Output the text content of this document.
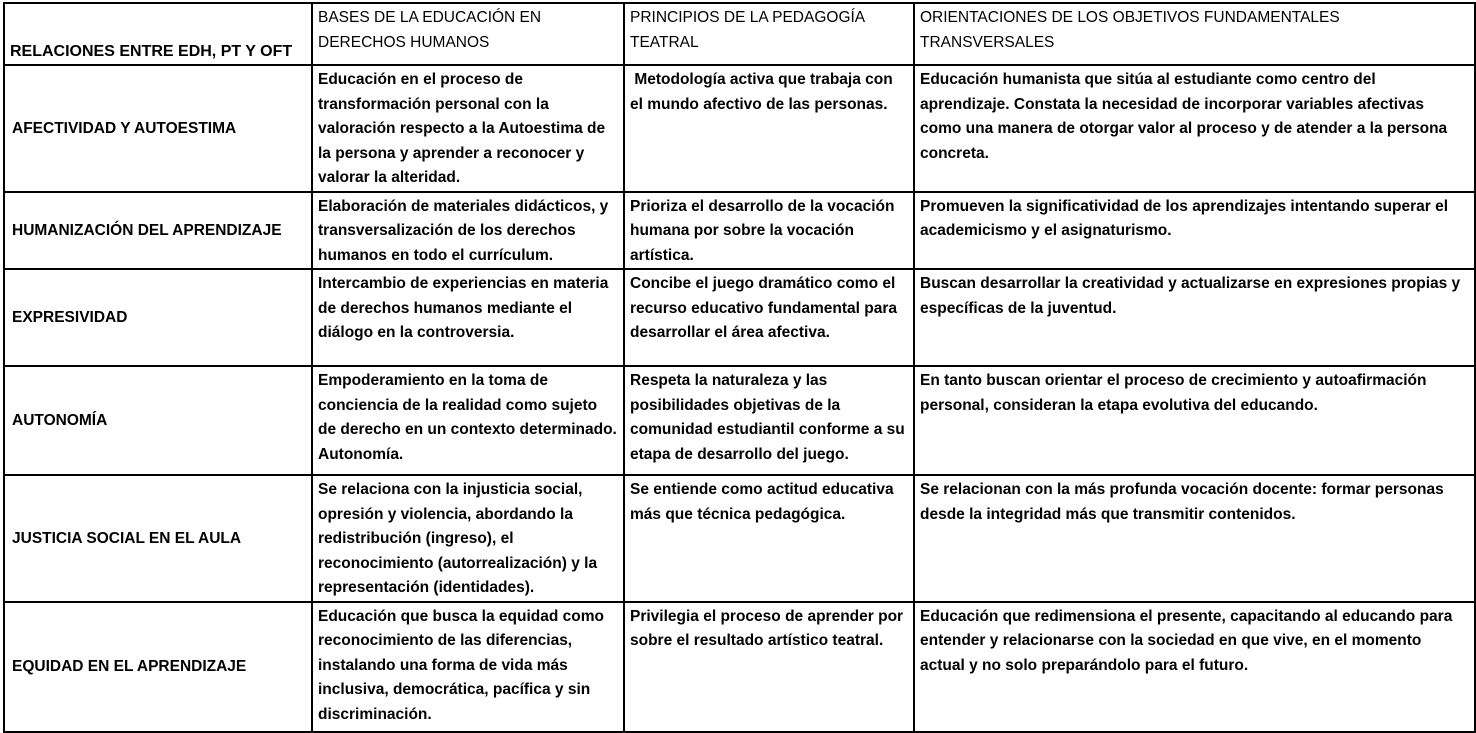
RELACIONES ENTRE EDH, PT Y OFT	BASES DE LA EDUCACIÓN EN DERECHOS HUMANOS	PRINCIPIOS DE LA PEDAGOGÍA TEATRAL	ORIENTACIONES DE LOS OBJETIVOS FUNDAMENTALES TRANSVERSALES
AFECTIVIDAD Y AUTOESTIMA	Educación en el proceso de transformación personal con la valoración respecto a la Autoestima de la persona y aprender a reconocer y valorar la alteridad.	Metodología activa que trabaja con el mundo afectivo de las personas.	Educación humanista que sitúa al estudiante como centro del aprendizaje. Constata la necesidad de incorporar variables afectivas como una manera de otorgar valor al proceso y de atender a la persona concreta.
HUMANIZACIÓN DEL APRENDIZAJE	Elaboración de materiales didácticos, y transversalización de los derechos humanos en todo el currículum.	Prioriza el desarrollo de la vocación humana por sobre la vocación artística.	Promueven la significatividad de los aprendizajes intentando superar el academicismo y el asignaturismo.
EXPRESIVIDAD	Intercambio de experiencias en materia de derechos humanos mediante el diálogo en la controversia.	Concibe el juego dramático como el recurso educativo fundamental para desarrollar el área afectiva.	Buscan desarrollar la creatividad y actualizarse en expresiones propias y específicas de la juventud.
AUTONOMÍA	Empoderamiento en la toma de conciencia de la realidad como sujeto de derecho en un contexto determinado. Autonomía.	Respeta la naturaleza y las posibilidades objetivas de la comunidad estudiantil conforme a su etapa de desarrollo del juego.	En tanto buscan orientar el proceso de crecimiento y autoafirmación personal, consideran la etapa evolutiva del educando.
JUSTICIA SOCIAL EN EL AULA	Se relaciona con la injusticia social, opresión y violencia, abordando la redistribución (ingreso), el reconocimiento (autorrealización) y la representación (identidades).	Se entiende como actitud educativa más que técnica pedagógica.	Se relacionan con la más profunda vocación docente: formar personas desde la integridad más que transmitir contenidos.
EQUIDAD EN EL APRENDIZAJE	Educación que busca la equidad como reconocimiento de las diferencias, instalando una forma de vida más inclusiva, democrática, pacífica y sin discriminación.	Privilegia el proceso de aprender por sobre el resultado artístico teatral.	Educación que redimensiona el presente, capacitando al educando para entender y relacionarse con la sociedad en que vive, en el momento actual y no solo preparándolo para el futuro.
